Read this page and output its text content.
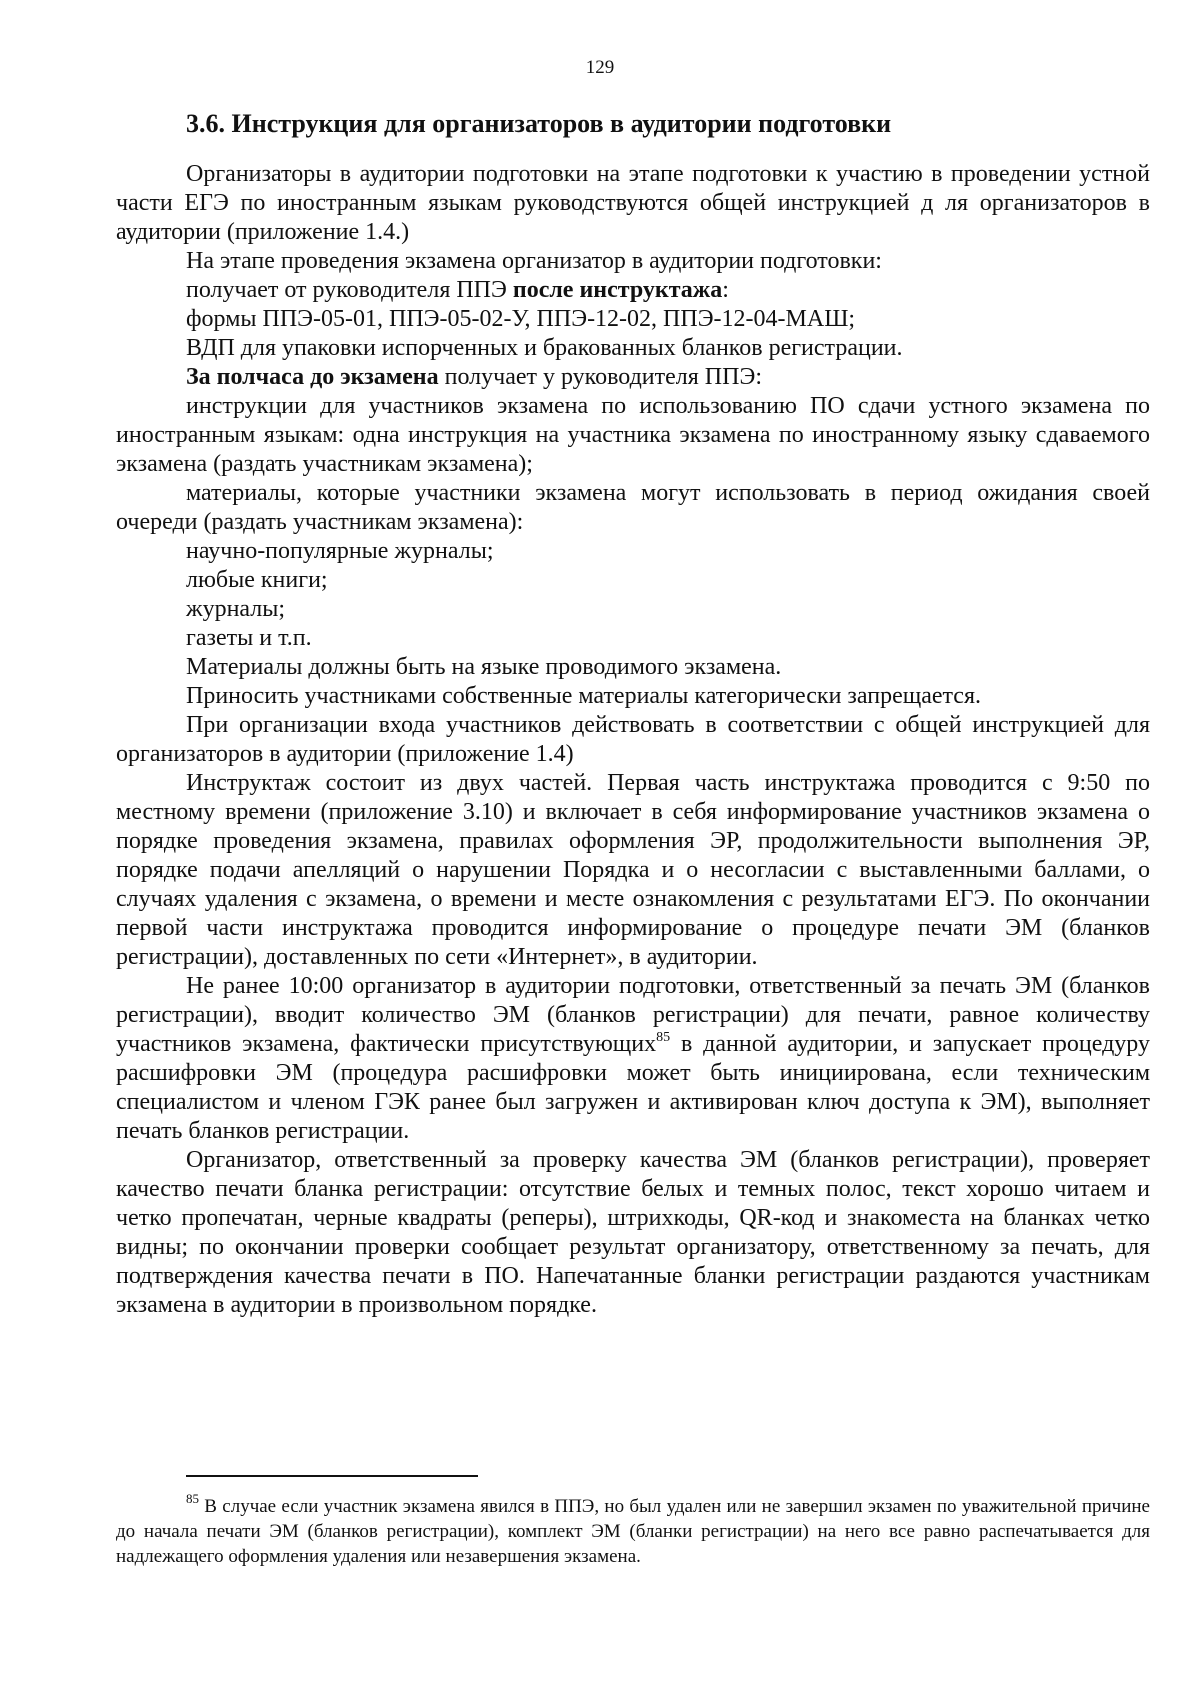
129
3.6. Инструкция для организаторов в аудитории подготовки

Организаторы в аудитории подготовки на этапе подготовки к участию в проведении устной части ЕГЭ по иностранным языкам руководствуются общей инструкцией д ля организаторов в аудитории (приложение 1.4.)

На этапе проведения экзамена организатор в аудитории подготовки:

получает от руководителя ППЭ после инструктажа:

формы ППЭ-05-01, ППЭ-05-02-У, ППЭ-12-02, ППЭ-12-04-МАШ;

ВДП для упаковки испорченных и бракованных бланков регистрации.

За полчаса до экзамена получает у руководителя ППЭ:

инструкции для участников экзамена по использованию ПО сдачи устного экзамена по иностранным языкам: одна инструкция на участника экзамена по иностранному языку сдаваемого экзамена (раздать участникам экзамена);

материалы, которые участники экзамена могут использовать в период ожидания своей очереди (раздать участникам экзамена):

научно-популярные журналы;

любые книги;

журналы;

газеты и т.п.

Материалы должны быть на языке проводимого экзамена.

Приносить участниками собственные материалы категорически запрещается.

При организации входа участников действовать в соответствии с общей инструкцией для организаторов в аудитории (приложение 1.4)

Инструктаж состоит из двух частей. Первая часть инструктажа проводится с 9:50 по местному времени (приложение 3.10) и включает в себя информирование участников экзамена о порядке проведения экзамена, правилах оформления ЭР, продолжительности выполнения ЭР, порядке подачи апелляций о нарушении Порядка и о несогласии с выставленными баллами, о случаях удаления с экзамена, о времени и месте ознакомления с результатами ЕГЭ. По окончании первой части инструктажа проводится информирование о процедуре печати ЭМ (бланков регистрации), доставленных по сети «Интернет», в аудитории.

Не ранее 10:00 организатор в аудитории подготовки, ответственный за печать ЭМ (бланков регистрации), вводит количество ЭМ (бланков регистрации) для печати, равное количеству участников экзамена, фактически присутствующих$^{85}$ в данной аудитории, и запускает процедуру расшифровки ЭМ (процедура расшифровки может быть инициирована, если техническим специалистом и членом ГЭК ранее был загружен и активирован ключ доступа к ЭМ), выполняет печать бланков регистрации.

Организатор, ответственный за проверку качества ЭМ (бланков регистрации), проверяет качество печати бланка регистрации: отсутствие белых и темных полос, текст хорошо читаем и четко пропечатан, черные квадраты (реперы), штрихкоды, QR-код и знакоместа на бланках четко видны; по окончании проверки сообщает результат организатору, ответственному за печать, для подтверждения качества печати в ПО. Напечатанные бланки регистрации раздаются участникам экзамена в аудитории в произвольном порядке.

$^{85}$ В случае если участник экзамена явился в ППЭ, но был удален или не завершил экзамен по уважительной причине до начала печати ЭМ (бланков регистрации), комплект ЭМ (бланки регистрации) на него все равно распечатывается для надлежащего оформления удаления или незавершения экзамена.
